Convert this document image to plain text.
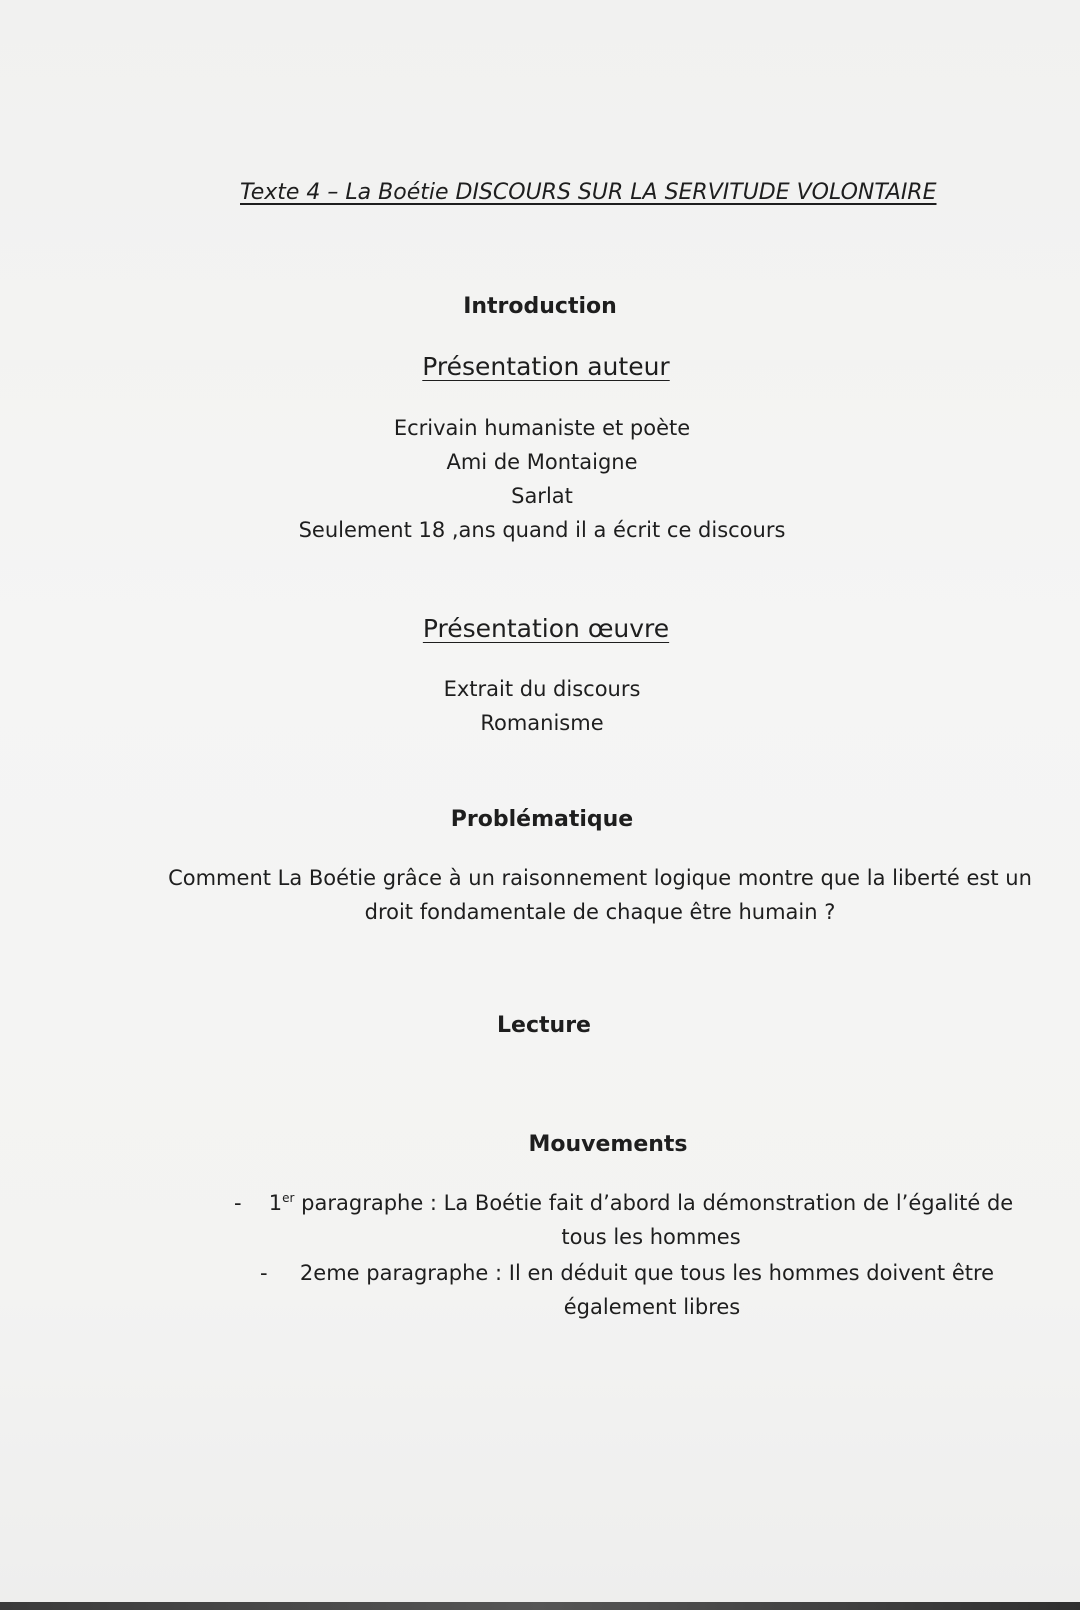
Texte 4 – La Boétie DISCOURS SUR LA SERVITUDE VOLONTAIRE
Introduction
Présentation auteur
Ecrivain humaniste et poète
Ami de Montaigne
Sarlat
Seulement 18 ,ans quand il a écrit ce discours
Présentation œuvre
Extrait du discours
Romanisme
Problématique
Comment La Boétie grâce à un raisonnement logique montre que la liberté est un
droit fondamentale de chaque être humain ?
Lecture
Mouvements
-	1er paragraphe : La Boétie fait d’abord la démonstration de l’égalité de
tous les hommes
-	2eme paragraphe : Il en déduit que tous les hommes doivent être
également libres
